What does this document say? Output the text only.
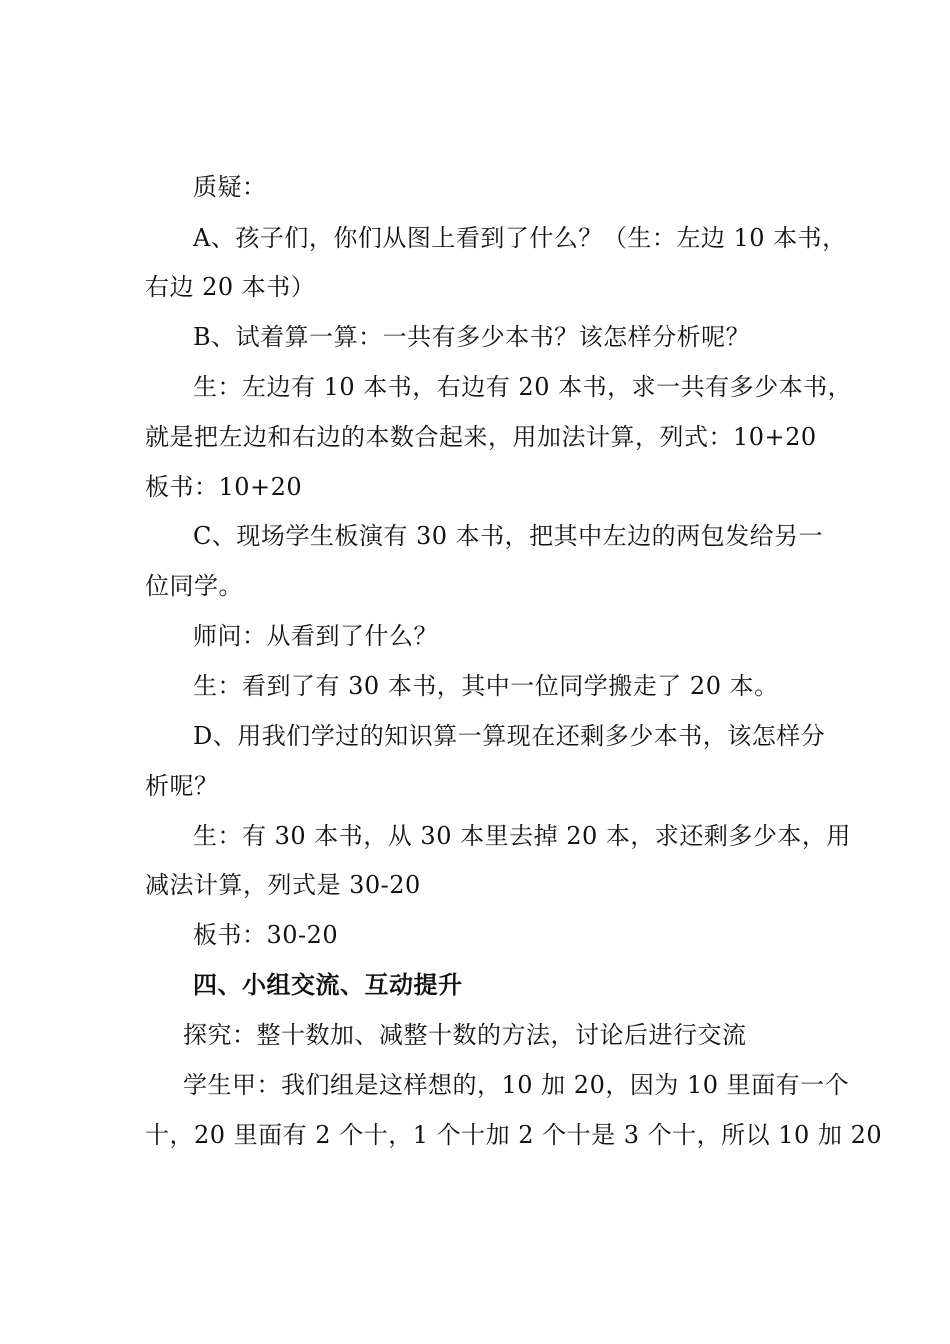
质疑：
A、孩子们，你们从图上看到了什么？（生：左边 10 本书，
右边 20 本书）
B、试着算一算：一共有多少本书？该怎样分析呢？
生：左边有 10 本书，右边有 20 本书，求一共有多少本书，
就是把左边和右边的本数合起来，用加法计算，列式：10+20
板书：10+20
C、现场学生板演有 30 本书，把其中左边的两包发给另一
位同学。
师问：从看到了什么？
生：看到了有 30 本书，其中一位同学搬走了 20 本。
D、用我们学过的知识算一算现在还剩多少本书，该怎样分
析呢？
生：有 30 本书，从 30 本里去掉 20 本，求还剩多少本，用
减法计算，列式是 30-20
板书：30-20
四、小组交流、互动提升
探究：整十数加、减整十数的方法，讨论后进行交流
学生甲：我们组是这样想的，10 加 20，因为 10 里面有一个
十，20 里面有 2 个十，1 个十加 2 个十是 3 个十，所以 10 加 20
